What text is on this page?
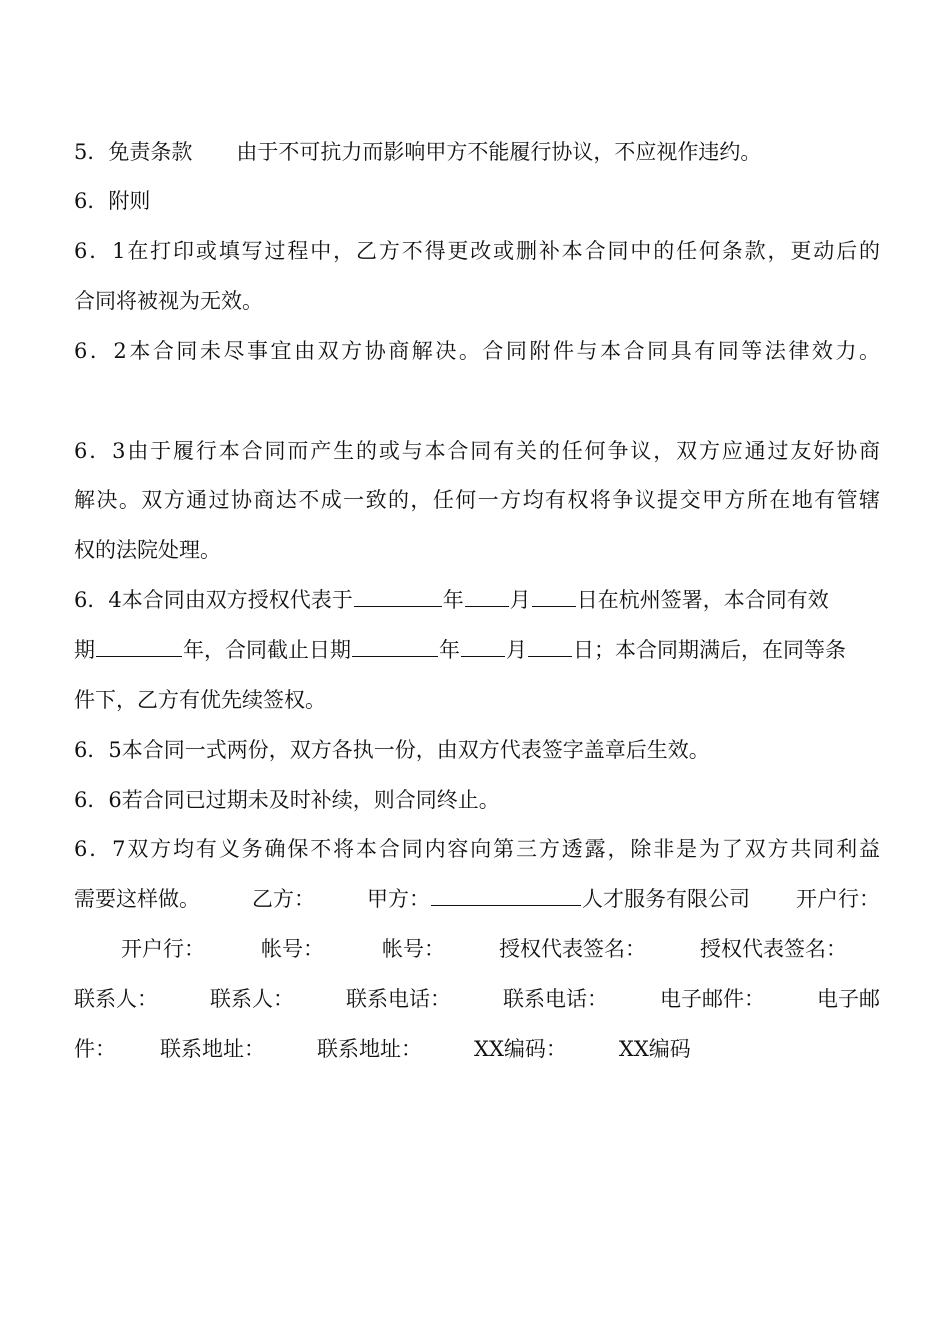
5．免责条款 由于不可抗力而影响甲方不能履行协议，不应视作违约。
6．附则
6．1在打印或填写过程中，乙方不得更改或删补本合同中的任何条款，更动后的
合同将被视为无效。
6．2本合同未尽事宜由双方协商解决。合同附件与本合同具有同等法律效力。
6．3由于履行本合同而产生的或与本合同有关的任何争议，双方应通过友好协商
解决。双方通过协商达不成一致的，任何一方均有权将争议提交甲方所在地有管辖
权的法院处理。
6．4本合同由双方授权代表于	年 月 日在杭州签署，本合同有效
期	年，合同截止日期	年 月 日；本合同期满后，在同等条
件下，乙方有优先续签权。
6．5本合同一式两份，双方各执一份，由双方代表签字盖章后生效。
6．6若合同已过期未及时补续，则合同终止。
6．7双方均有义务确保不将本合同内容向第三方透露，除非是为了双方共同利益
需要这样做。 乙方： 甲方：	人才服务有限公司 开户行：
开户行：	帐号：	帐号：	授权代表签名：	授权代表签名：
联系人： 联系人： 联系电话： 联系电话： 电子邮件： 电子邮
件： 联系地址： 联系地址： XX编码： XX编码
